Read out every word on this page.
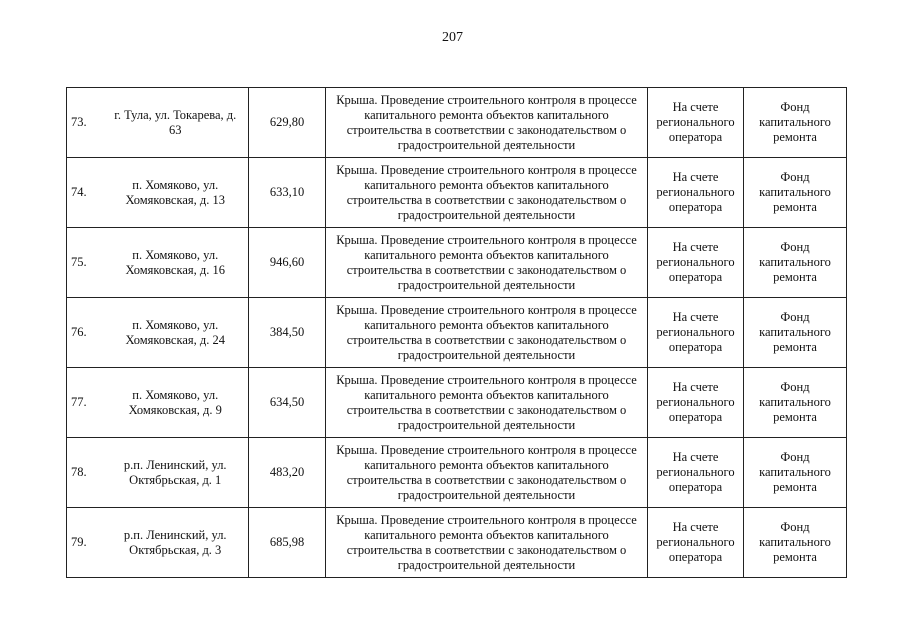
207
73.	г. Тула, ул. Токарева, д. 63	629,80	Крыша. Проведение строительного контроля в процессе капитального ремонта объектов капитального строительства в соответствии с законодательством о градостроительной деятельности	На счете регионального оператора	Фонд капитального ремонта
74.	п. Хомяково, ул. Хомяковская, д. 13	633,10	Крыша. Проведение строительного контроля в процессе капитального ремонта объектов капитального строительства в соответствии с законодательством о градостроительной деятельности	На счете регионального оператора	Фонд капитального ремонта
75.	п. Хомяково, ул. Хомяковская, д. 16	946,60	Крыша. Проведение строительного контроля в процессе капитального ремонта объектов капитального строительства в соответствии с законодательством о градостроительной деятельности	На счете регионального оператора	Фонд капитального ремонта
76.	п. Хомяково, ул. Хомяковская, д. 24	384,50	Крыша. Проведение строительного контроля в процессе капитального ремонта объектов капитального строительства в соответствии с законодательством о градостроительной деятельности	На счете регионального оператора	Фонд капитального ремонта
77.	п. Хомяково, ул. Хомяковская, д. 9	634,50	Крыша. Проведение строительного контроля в процессе капитального ремонта объектов капитального строительства в соответствии с законодательством о градостроительной деятельности	На счете регионального оператора	Фонд капитального ремонта
78.	р.п. Ленинский, ул. Октябрьская, д. 1	483,20	Крыша. Проведение строительного контроля в процессе капитального ремонта объектов капитального строительства в соответствии с законодательством о градостроительной деятельности	На счете регионального оператора	Фонд капитального ремонта
79.	р.п. Ленинский, ул. Октябрьская, д. 3	685,98	Крыша. Проведение строительного контроля в процессе капитального ремонта объектов капитального строительства в соответствии с законодательством о градостроительной деятельности	На счете регионального оператора	Фонд капитального ремонта
